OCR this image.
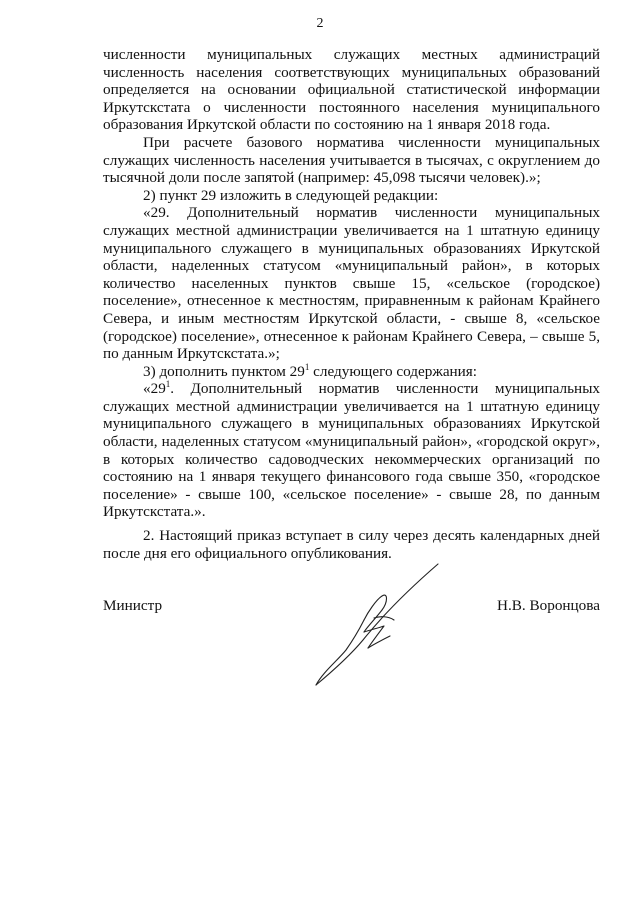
2

численности муниципальных служащих местных администраций численность населения соответствующих муниципальных образований определяется на основании официальной статистической информации Иркутскстата о численности постоянного населения муниципального образования Иркутской области по состоянию на 1 января 2018 года.

При расчете базового норматива численности муниципальных служащих численность населения учитывается в тысячах, с округлением до тысячной доли после запятой (например: 45,098 тысячи человек).»;

2) пункт 29 изложить в следующей редакции:

«29. Дополнительный норматив численности муниципальных служащих местной администрации увеличивается на 1 штатную единицу муниципального служащего в муниципальных образованиях Иркутской области, наделенных статусом «муниципальный район», в которых количество населенных пунктов свыше 15, «сельское (городское) поселение», отнесенное к местностям, приравненным к районам Крайнего Севера, и иным местностям Иркутской области, - свыше 8, «сельское (городское) поселение», отнесенное к районам Крайнего Севера, – свыше 5, по данным Иркутскстата.»;

3) дополнить пунктом $29^1$ следующего содержания:

«$29^1$. Дополнительный норматив численности муниципальных служащих местной администрации увеличивается на 1 штатную единицу муниципального служащего в муниципальных образованиях Иркутской области, наделенных статусом «муниципальный район», «городской округ», в которых количество садоводческих некоммерческих организаций по состоянию на 1 января текущего финансового года свыше 350, «городское поселение» - свыше 100, «сельское поселение» - свыше 28, по данным Иркутскстата.».

2. Настоящий приказ вступает в силу через десять календарных дней после дня его официального опубликования.

Министр	Н.В. Воронцова
